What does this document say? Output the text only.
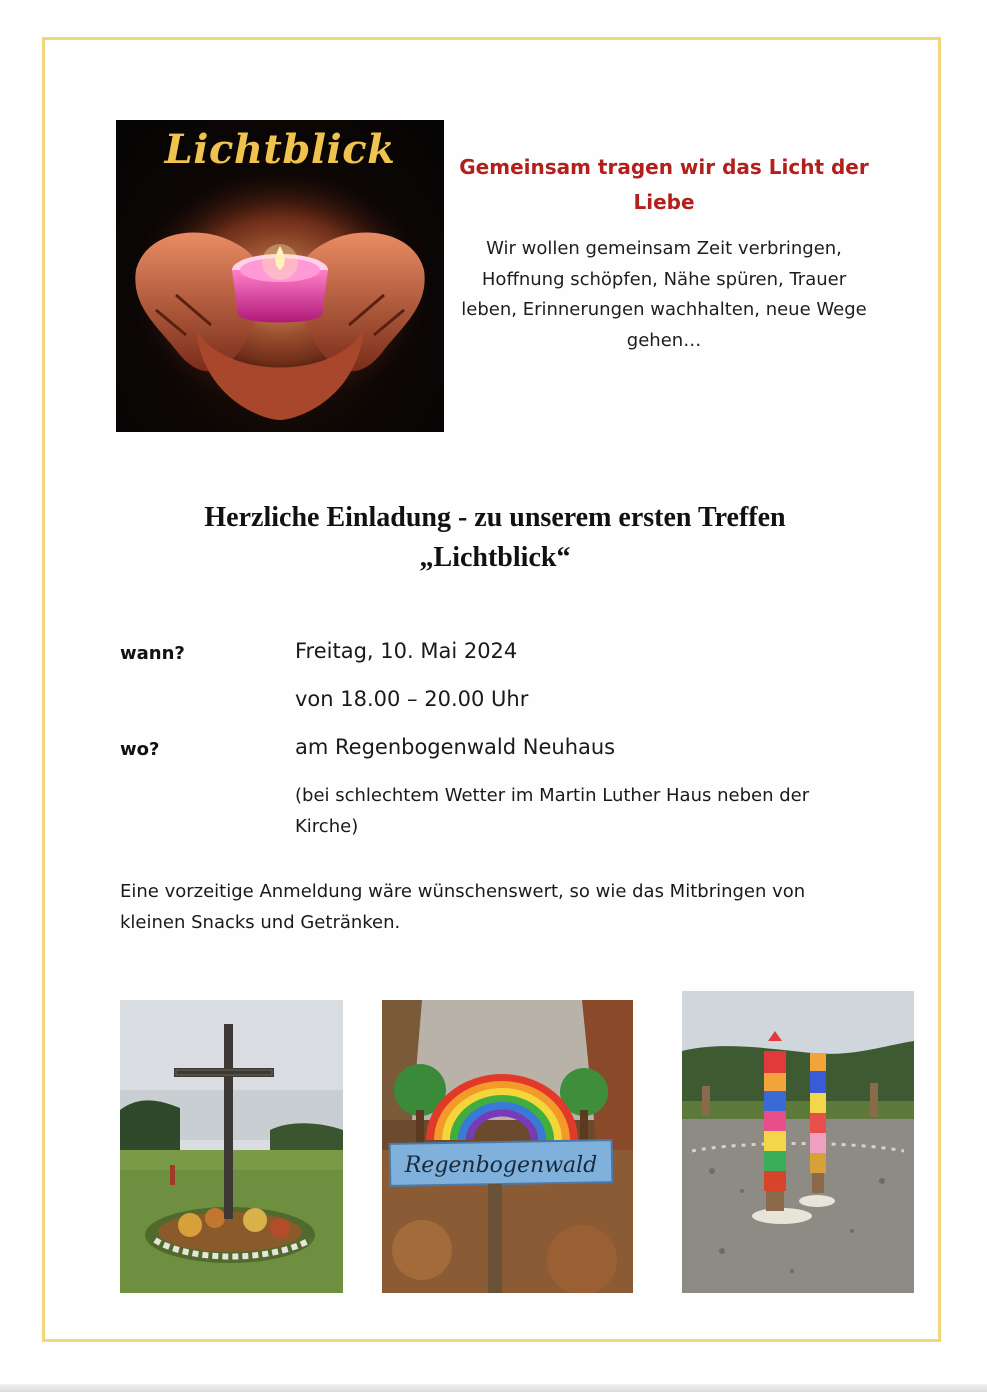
Lichtblick	Gemeinsam tragen wir das Licht der Liebe
Wir wollen gemeinsam Zeit verbringen, Hoffnung schöpfen, Nähe spüren, Trauer leben, Erinnerungen wachhalten, neue Wege gehen…
Herzliche Einladung - zu unserem ersten Treffen
„Lichtblick“
wann?	Freitag, 10. Mai 2024
von 18.00 – 20.00 Uhr
wo?	am Regenbogenwald Neuhaus
(bei schlechtem Wetter im Martin Luther Haus neben der Kirche)
Eine vorzeitige Anmeldung wäre wünschenswert, so wie das Mitbringen von kleinen Snacks und Getränken.
Regenbogenwald
